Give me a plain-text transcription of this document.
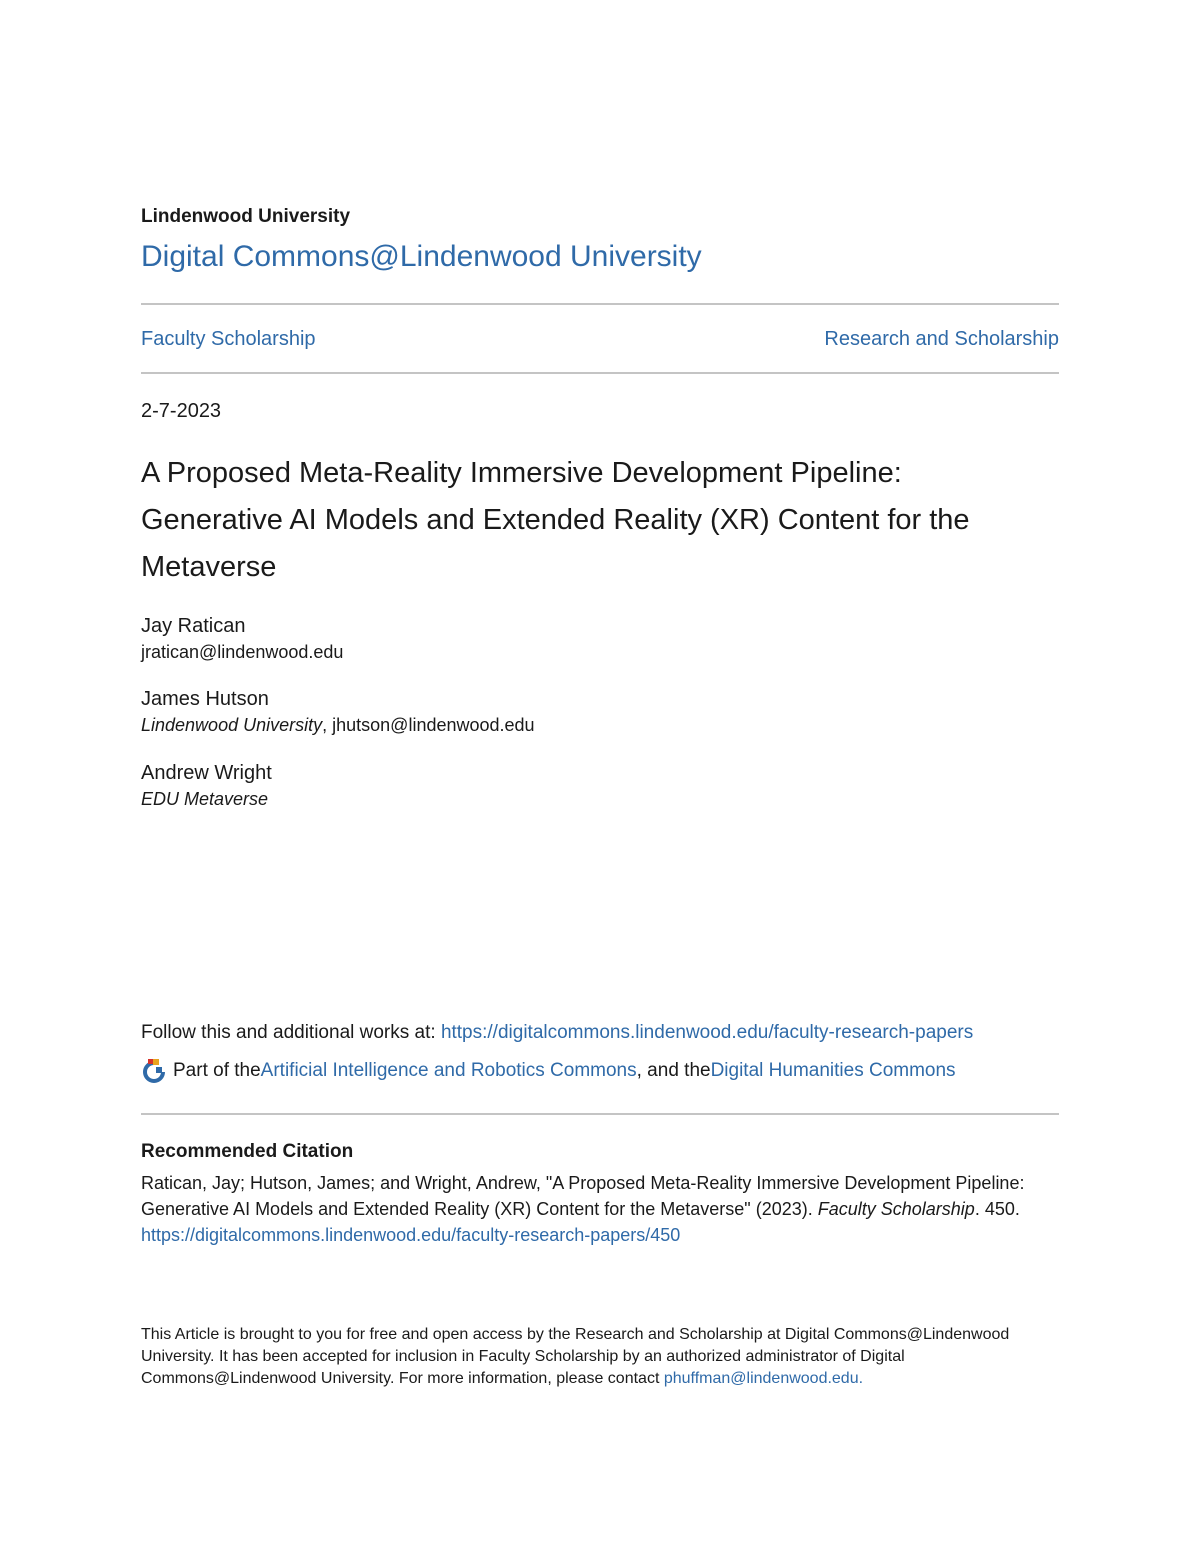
Lindenwood University
Digital Commons@Lindenwood University
Faculty Scholarship	Research and Scholarship
2-7-2023
A Proposed Meta-Reality Immersive Development Pipeline: Generative AI Models and Extended Reality (XR) Content for the Metaverse
Jay Ratican
jratican@lindenwood.edu
James Hutson
Lindenwood University, jhutson@lindenwood.edu
Andrew Wright
EDU Metaverse
Follow this and additional works at: https://digitalcommons.lindenwood.edu/faculty-research-papers
Part of the Artificial Intelligence and Robotics Commons , and the Digital Humanities Commons
Recommended Citation
Ratican, Jay; Hutson, James; and Wright, Andrew, "A Proposed Meta-Reality Immersive Development Pipeline: Generative AI Models and Extended Reality (XR) Content for the Metaverse" (2023). Faculty Scholarship. 450.
https://digitalcommons.lindenwood.edu/faculty-research-papers/450
This Article is brought to you for free and open access by the Research and Scholarship at Digital Commons@Lindenwood University. It has been accepted for inclusion in Faculty Scholarship by an authorized administrator of Digital Commons@Lindenwood University. For more information, please contact phuffman@lindenwood.edu.
